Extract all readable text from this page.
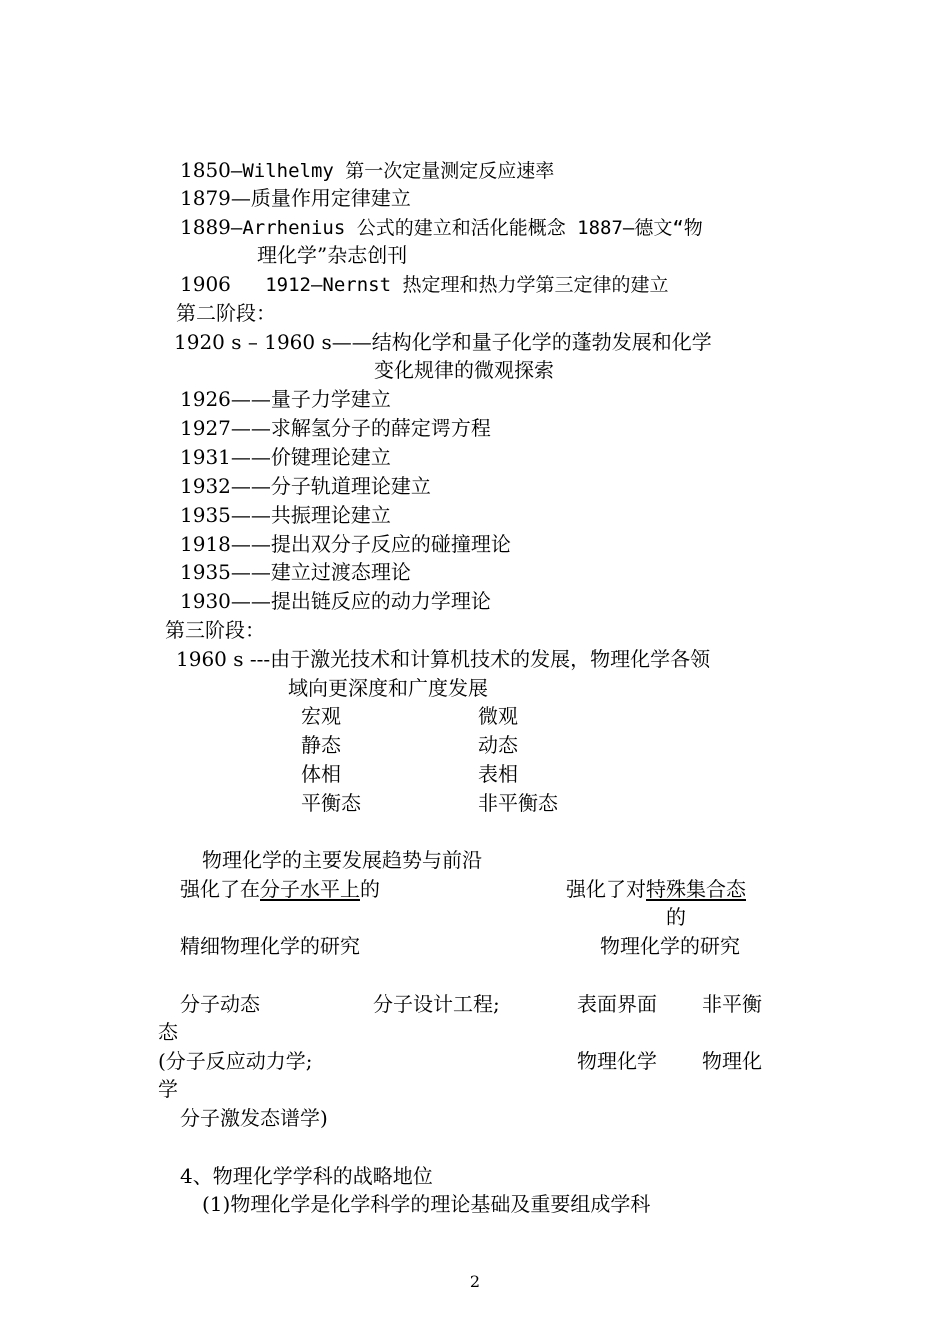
1850—Wilhelmy 第一次定量测定反应速率
1879—质量作用定律建立
1889—Arrhenius 公式的建立和活化能概念 1887—德文“物
理化学”杂志创刊
1906   1912—Nernst 热定理和热力学第三定律的建立
第二阶段：
1920 s – 1960 s——结构化学和量子化学的蓬勃发展和化学
变化规律的微观探索
1926——量子力学建立
1927——求解氢分子的薛定谔方程
1931——价键理论建立
1932——分子轨道理论建立
1935——共振理论建立
1918——提出双分子反应的碰撞理论
1935——建立过渡态理论
1930——提出链反应的动力学理论
第三阶段：
1960 s ---由于激光技术和计算机技术的发展，物理化学各领
域向更深度和广度发展
宏观	微观
静态	动态
体相	表相
平衡态	非平衡态
物理化学的主要发展趋势与前沿
强化了在分子水平上的	强化了对特殊集合态
的
精细物理化学的研究	物理化学的研究
分子动态	分子设计工程;	表面界面 非平衡
态
(分子反应动力学;	物理化学 物理化
学
分子激发态谱学)
4、物理化学学科的战略地位
(1)物理化学是化学科学的理论基础及重要组成学科
2
